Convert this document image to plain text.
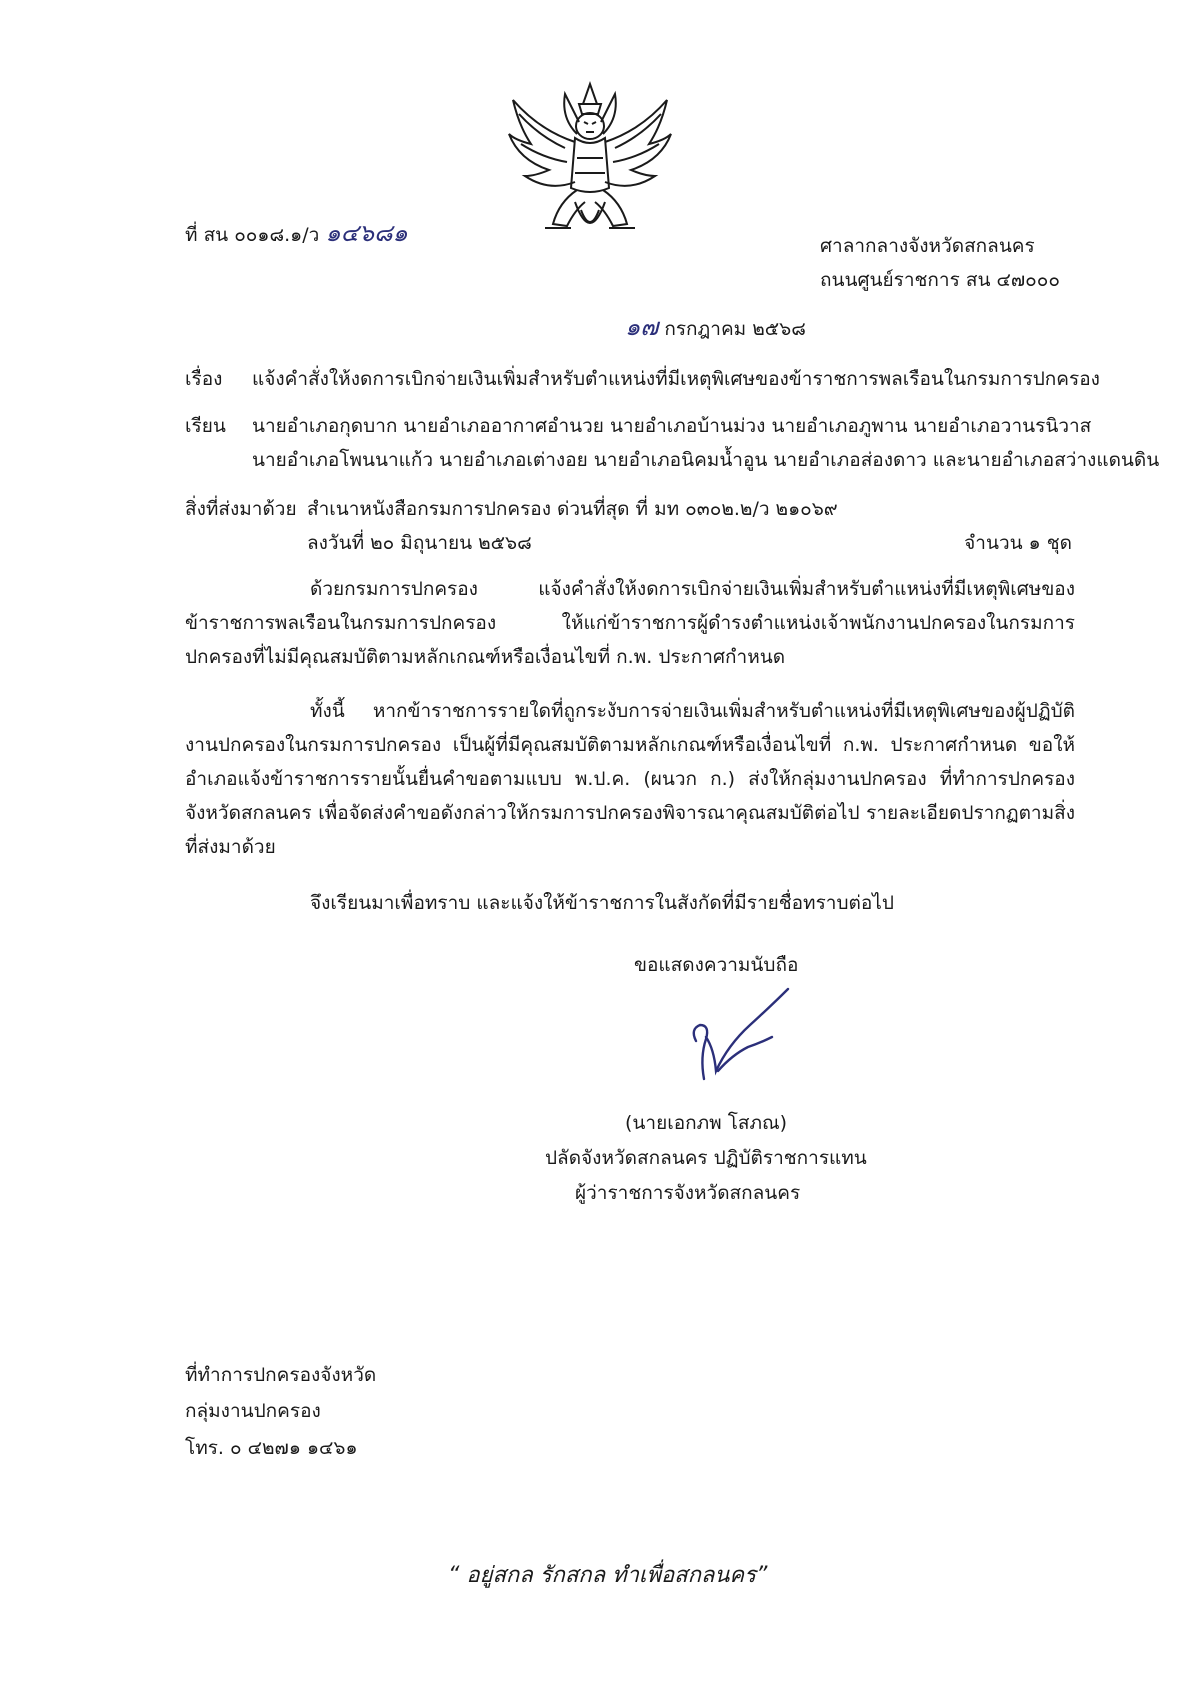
ที่ สน ๐๐๑๘.๑/ว ๑๔๖๘๑	ศาลากลางจังหวัดสกลนคร
ถนนศูนย์ราชการ สน ๔๗๐๐๐
๑๗ กรกฎาคม ๒๕๖๘
เรื่อง แจ้งคำสั่งให้งดการเบิกจ่ายเงินเพิ่มสำหรับตำแหน่งที่มีเหตุพิเศษของข้าราชการพลเรือนในกรมการปกครอง
เรียน นายอำเภอกุดบาก นายอำเภออากาศอำนวย นายอำเภอบ้านม่วง นายอำเภอภูพาน นายอำเภอวานรนิวาส
นายอำเภอโพนนาแก้ว นายอำเภอเต่างอย นายอำเภอนิคมน้ำอูน นายอำเภอส่องดาว และนายอำเภอสว่างแดนดิน
สิ่งที่ส่งมาด้วย สำเนาหนังสือกรมการปกครอง ด่วนที่สุด ที่ มท ๐๓๐๒.๒/ว ๒๑๐๖๙
ลงวันที่ ๒๐ มิถุนายน ๒๕๖๘	จำนวน ๑ ชุด
ด้วยกรมการปกครอง แจ้งคำสั่งให้งดการเบิกจ่ายเงินเพิ่มสำหรับตำแหน่งที่มีเหตุพิเศษของข้าราชการพลเรือนในกรมการปกครอง ให้แก่ข้าราชการผู้ดำรงตำแหน่งเจ้าพนักงานปกครองในกรมการปกครองที่ไม่มีคุณสมบัติตามหลักเกณฑ์หรือเงื่อนไขที่ ก.พ. ประกาศกำหนด
ทั้งนี้ หากข้าราชการรายใดที่ถูกระงับการจ่ายเงินเพิ่มสำหรับตำแหน่งที่มีเหตุพิเศษของผู้ปฏิบัติงานปกครองในกรมการปกครอง เป็นผู้ที่มีคุณสมบัติตามหลักเกณฑ์หรือเงื่อนไขที่ ก.พ. ประกาศกำหนด ขอให้อำเภอแจ้งข้าราชการรายนั้นยื่นคำขอตามแบบ พ.ป.ค. (ผนวก ก.) ส่งให้กลุ่มงานปกครอง ที่ทำการปกครองจังหวัดสกลนคร เพื่อจัดส่งคำขอดังกล่าวให้กรมการปกครองพิจารณาคุณสมบัติต่อไป รายละเอียดปรากฏตามสิ่งที่ส่งมาด้วย
จึงเรียนมาเพื่อทราบ และแจ้งให้ข้าราชการในสังกัดที่มีรายชื่อทราบต่อไป
ขอแสดงความนับถือ
(นายเอกภพ โสภณ)
ปลัดจังหวัดสกลนคร ปฏิบัติราชการแทน
ผู้ว่าราชการจังหวัดสกลนคร
ที่ทำการปกครองจังหวัด
กลุ่มงานปกครอง
โทร. ๐ ๔๒๗๑ ๑๔๖๑
“ อยู่สกล รักสกล ทำเพื่อสกลนคร”
